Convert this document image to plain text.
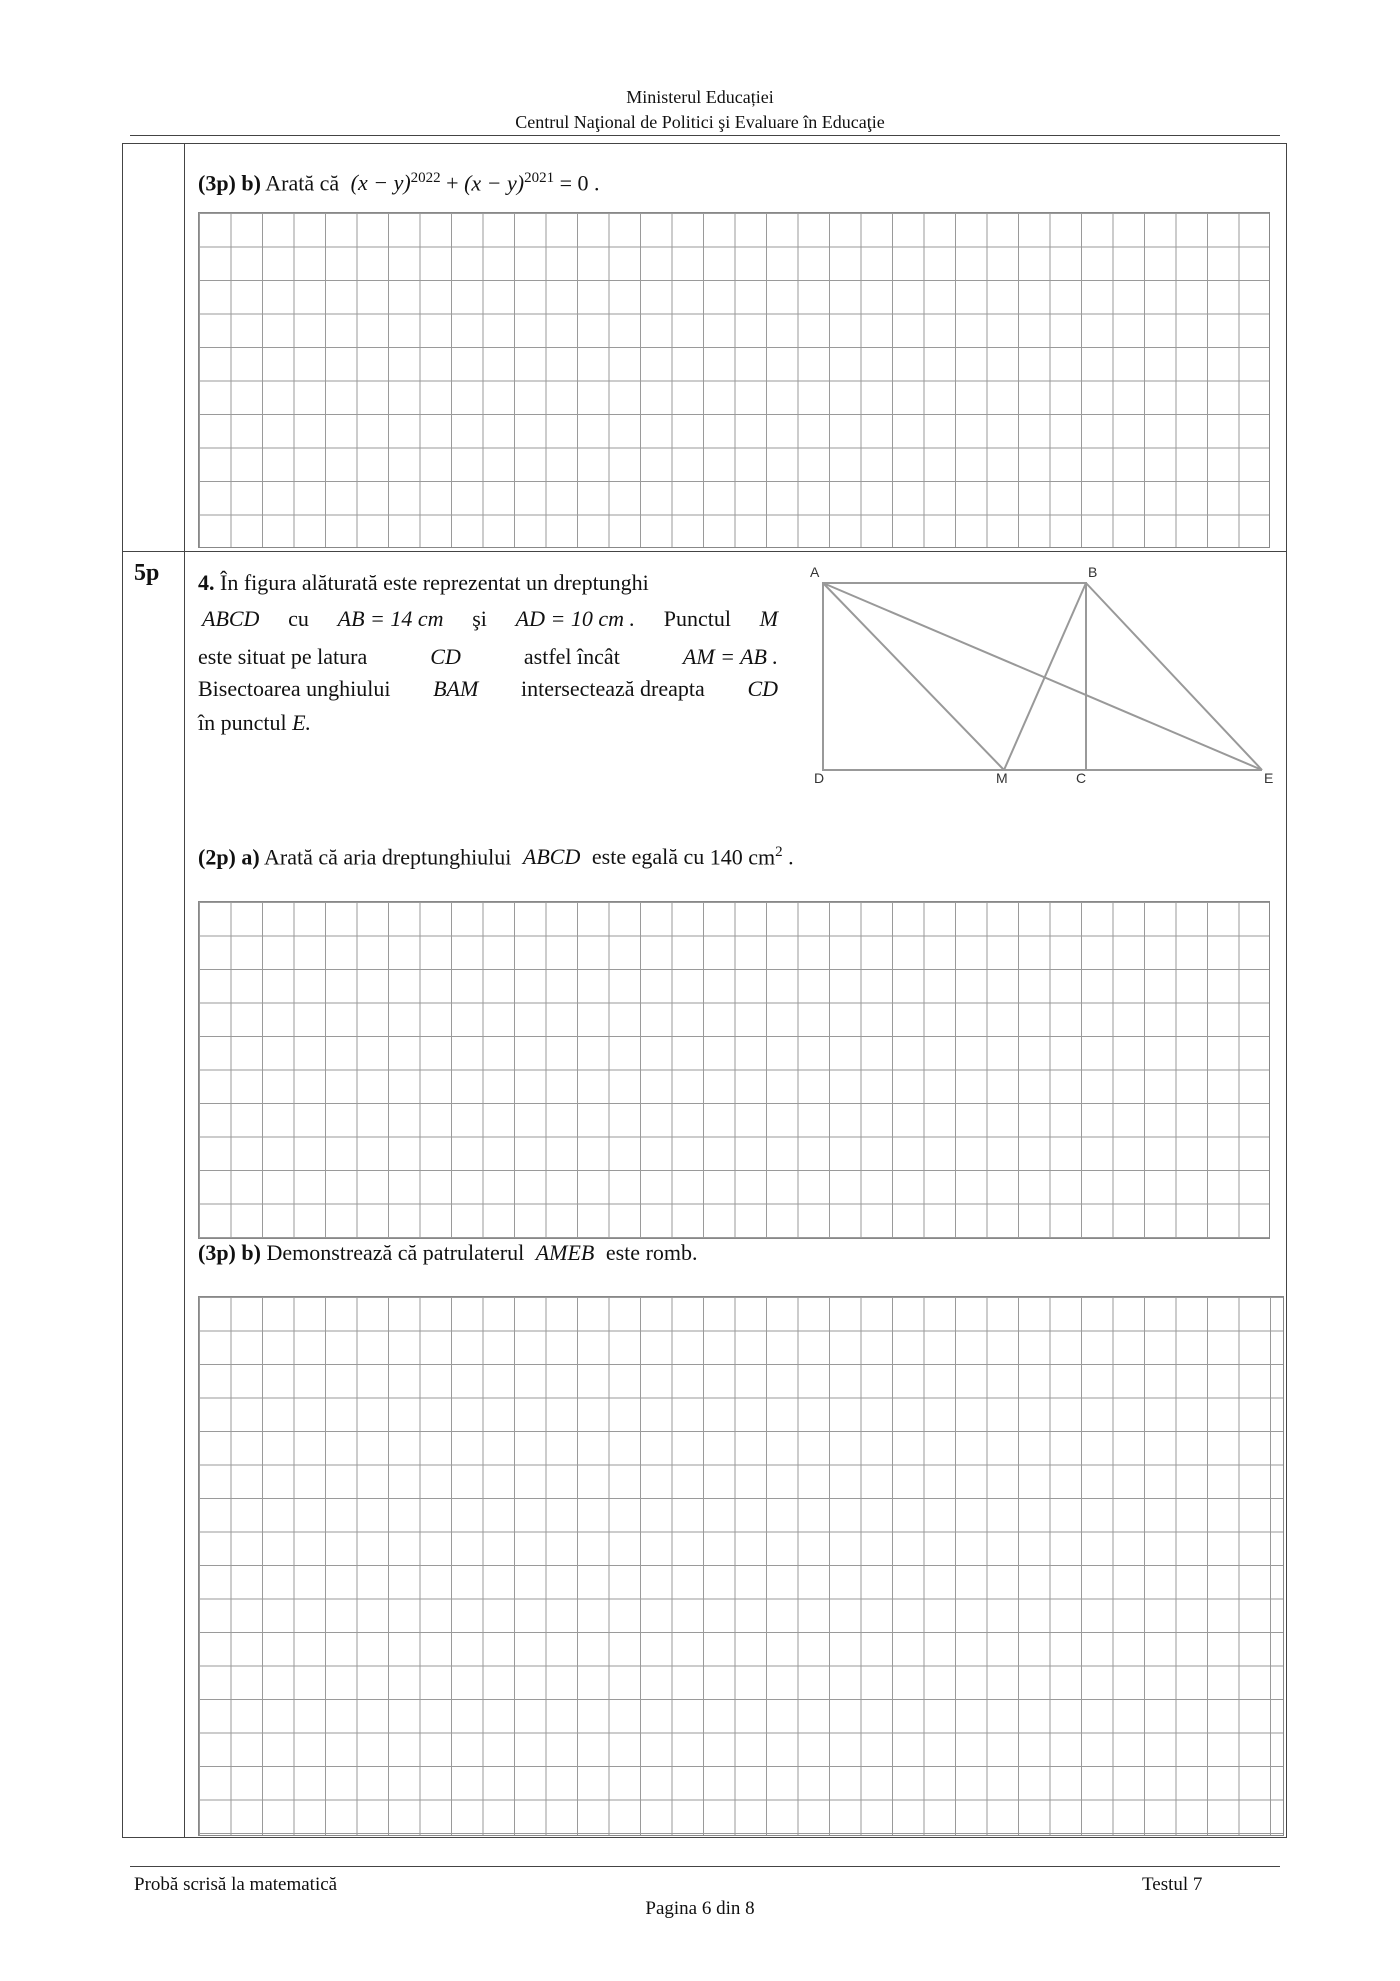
Ministerul Educației
Centrul Naţional de Politici şi Evaluare în Educaţie
(3p) b) Arată că $(x - y)^{2022} + (x - y)^{2021} = 0$ .
5p 4. În figura alăturată este reprezentat un dreptunghi
ABCD cu AB = 14 cm şi AD = 10 cm . Punctul M
este situat pe latura	CD	astfel încât	AM = AB .
Bisectoarea unghiului BAM intersectează dreapta CD
în punctul E.
A	B
D	M	C	E
(2p) a) Arată că aria dreptunghiului ABCD este egală cu 140 $cm^2$ .
(3p) b) Demonstrează că patrulaterul AMEB este romb.
Probă scrisă la matematică	Testul 7
Pagina 6 din 8
